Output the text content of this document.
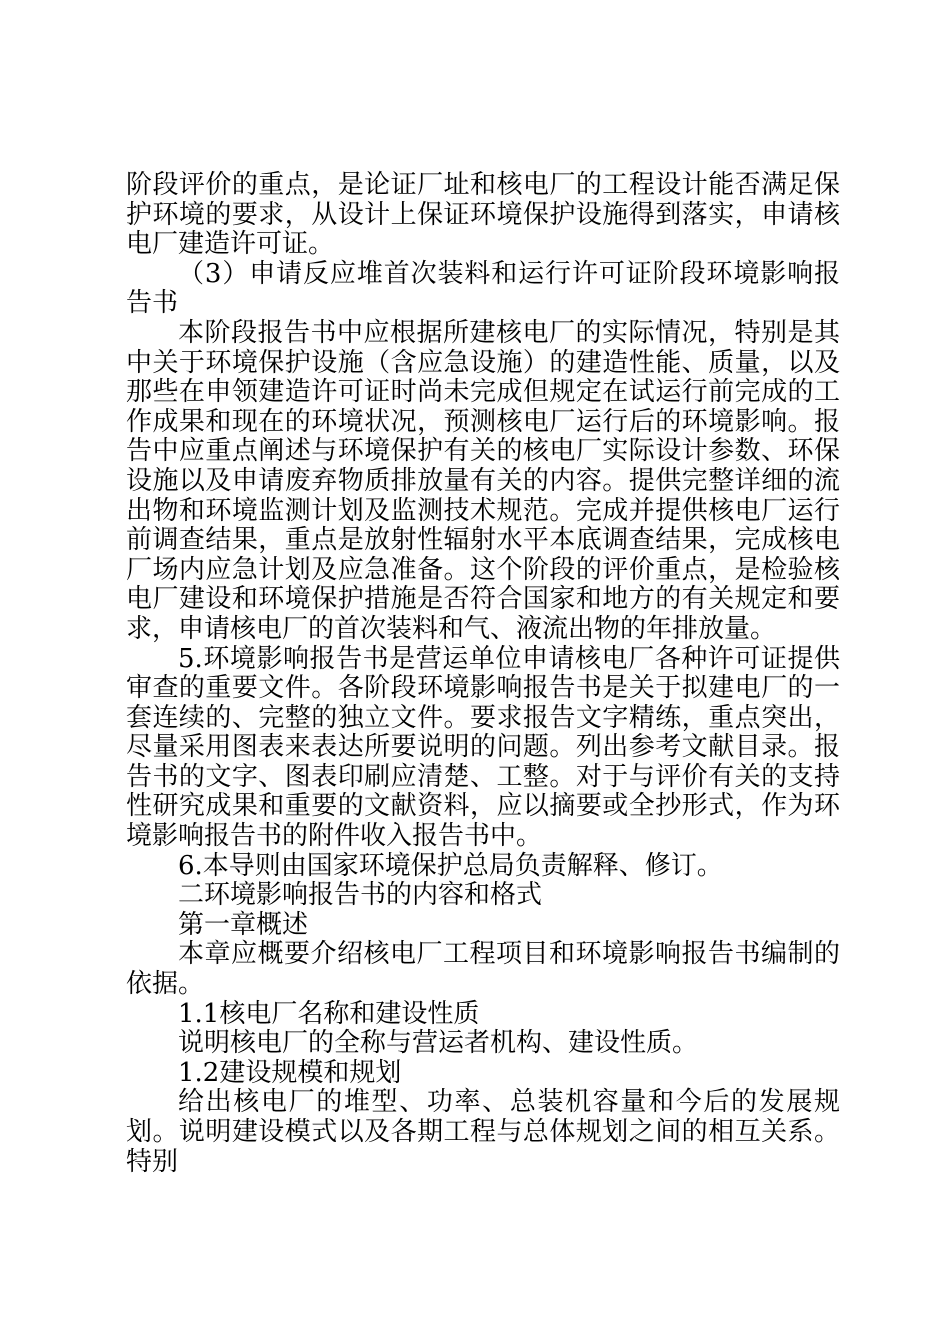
阶段评价的重点，是论证厂址和核电厂的工程设计能否满足保护环境的要求，从设计上保证环境保护设施得到落实，申请核电厂建造许可证。

（3）申请反应堆首次装料和运行许可证阶段环境影响报告书

本阶段报告书中应根据所建核电厂的实际情况，特别是其中关于环境保护设施（含应急设施）的建造性能、质量，以及那些在申领建造许可证时尚未完成但规定在试运行前完成的工作成果和现在的环境状况，预测核电厂运行后的环境影响。报告中应重点阐述与环境保护有关的核电厂实际设计参数、环保设施以及申请废弃物质排放量有关的内容。提供完整详细的流出物和环境监测计划及监测技术规范。完成并提供核电厂运行前调查结果，重点是放射性辐射水平本底调查结果，完成核电厂场内应急计划及应急准备。这个阶段的评价重点，是检验核电厂建设和环境保护措施是否符合国家和地方的有关规定和要求，申请核电厂的首次装料和气、液流出物的年排放量。

5.环境影响报告书是营运单位申请核电厂各种许可证提供审查的重要文件。各阶段环境影响报告书是关于拟建电厂的一套连续的、完整的独立文件。要求报告文字精练，重点突出，尽量采用图表来表达所要说明的问题。列出参考文献目录。报告书的文字、图表印刷应清楚、工整。对于与评价有关的支持性研究成果和重要的文献资料，应以摘要或全抄形式，作为环境影响报告书的附件收入报告书中。

6.本导则由国家环境保护总局负责解释、修订。

二环境影响报告书的内容和格式

第一章概述

本章应概要介绍核电厂工程项目和环境影响报告书编制的依据。

1.1核电厂名称和建设性质

说明核电厂的全称与营运者机构、建设性质。

1.2建设规模和规划

给出核电厂的堆型、功率、总装机容量和今后的发展规划。说明建设模式以及各期工程与总体规划之间的相互关系。特别
